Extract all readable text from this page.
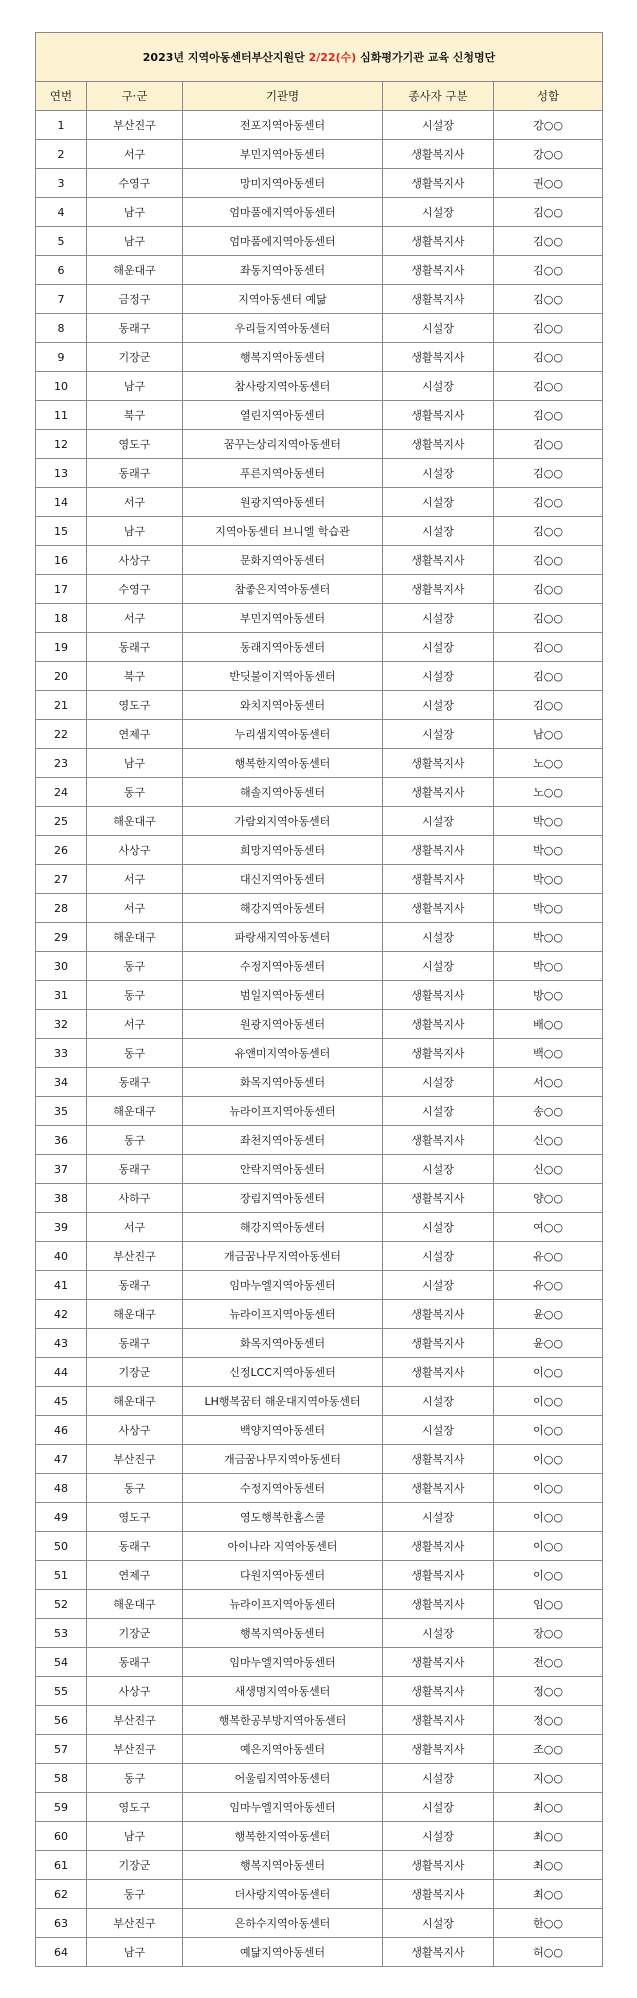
2023년 지역아동센터부산지원단 2/22(수) 심화평가기관 교육 신청명단				
연번	구·군	기관명	종사자 구분	성함
1	부산진구	전포지역아동센터	시설장	강○○
2	서구	부민지역아동센터	생활복지사	강○○
3	수영구	망미지역아동센터	생활복지사	권○○
4	남구	엄마품에지역아동센터	시설장	김○○
5	남구	엄마품에지역아동센터	생활복지사	김○○
6	해운대구	좌동지역아동센터	생활복지사	김○○
7	금정구	지역아동센터 예닮	생활복지사	김○○
8	동래구	우리들지역아동센터	시설장	김○○
9	기장군	행복지역아동센터	생활복지사	김○○
10	남구	참사랑지역아동센터	시설장	김○○
11	북구	열린지역아동센터	생활복지사	김○○
12	영도구	꿈꾸는상리지역아동센터	생활복지사	김○○
13	동래구	푸른지역아동센터	시설장	김○○
14	서구	원광지역아동센터	시설장	김○○
15	남구	지역아동센터 브니엘 학습관	시설장	김○○
16	사상구	문화지역아동센터	생활복지사	김○○
17	수영구	참좋은지역아동센터	생활복지사	김○○
18	서구	부민지역아동센터	시설장	김○○
19	동래구	동래지역아동센터	시설장	김○○
20	북구	반딧불이지역아동센터	시설장	김○○
21	영도구	와치지역아동센터	시설장	김○○
22	연제구	누리샘지역아동센터	시설장	남○○
23	남구	행복한지역아동센터	생활복지사	노○○
24	동구	해솔지역아동센터	생활복지사	노○○
25	해운대구	가람외지역아동센터	시설장	박○○
26	사상구	희망지역아동센터	생활복지사	박○○
27	서구	대신지역아동센터	생활복지사	박○○
28	서구	해강지역아동센터	생활복지사	박○○
29	해운대구	파랑새지역아동센터	시설장	박○○
30	동구	수정지역아동센터	시설장	박○○
31	동구	범일지역아동센터	생활복지사	방○○
32	서구	원광지역아동센터	생활복지사	배○○
33	동구	유앤미지역아동센터	생활복지사	백○○
34	동래구	화목지역아동센터	시설장	서○○
35	해운대구	뉴라이프지역아동센터	시설장	송○○
36	동구	좌천지역아동센터	생활복지사	신○○
37	동래구	안락지역아동센터	시설장	신○○
38	사하구	장림지역아동센터	생활복지사	양○○
39	서구	해강지역아동센터	시설장	여○○
40	부산진구	개금꿈나무지역아동센터	시설장	유○○
41	동래구	임마누엘지역아동센터	시설장	유○○
42	해운대구	뉴라이프지역아동센터	생활복지사	윤○○
43	동래구	화목지역아동센터	생활복지사	윤○○
44	기장군	신정LCC지역아동센터	생활복지사	이○○
45	해운대구	LH행복꿈터 해운대지역아동센터	시설장	이○○
46	사상구	백양지역아동센터	시설장	이○○
47	부산진구	개금꿈나무지역아동센터	생활복지사	이○○
48	동구	수정지역아동센터	생활복지사	이○○
49	영도구	영도행복한홈스쿨	시설장	이○○
50	동래구	아이나라 지역아동센터	생활복지사	이○○
51	연제구	다원지역아동센터	생활복지사	이○○
52	해운대구	뉴라이프지역아동센터	생활복지사	임○○
53	기장군	행복지역아동센터	시설장	장○○
54	동래구	임마누엘지역아동센터	생활복지사	전○○
55	사상구	새생명지역아동센터	생활복지사	정○○
56	부산진구	행복한공부방지역아동센터	생활복지사	정○○
57	부산진구	예은지역아동센터	생활복지사	조○○
58	동구	어울림지역아동센터	시설장	지○○
59	영도구	임마누엘지역아동센터	시설장	최○○
60	남구	행복한지역아동센터	시설장	최○○
61	기장군	행복지역아동센터	생활복지사	최○○
62	동구	더사랑지역아동센터	생활복지사	최○○
63	부산진구	은하수지역아동센터	시설장	한○○
64	남구	예닮지역아동센터	생활복지사	허○○
